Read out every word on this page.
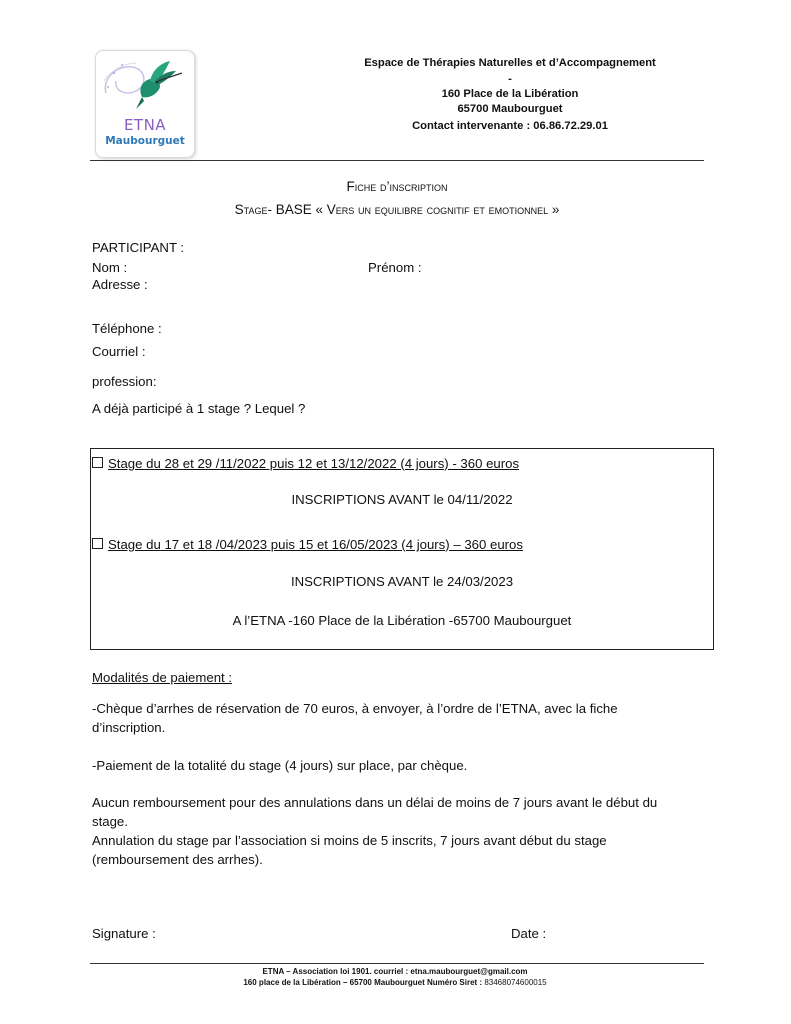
ETNA
Maubourguet
Espace de Thérapies Naturelles et d’Accompagnement
-
160 Place de la Libération
65700 Maubourguet
Contact intervenante : 06.86.72.29.01
Fiche d’inscription
Stage- BASE « Vers un equilibre cognitif et emotionnel »
PARTICIPANT :
Nom :	Prénom :
Adresse :
Téléphone :
Courriel :
profession:
A déjà participé à 1 stage ? Lequel ?
Stage du 28 et 29 /11/2022 puis 12 et 13/12/2022 (4 jours) - 360 euros
INSCRIPTIONS AVANT le 04/11/2022
Stage du 17 et 18 /04/2023 puis 15 et 16/05/2023 (4 jours) – 360 euros
INSCRIPTIONS AVANT le 24/03/2023
A l’ETNA -160 Place de la Libération -65700 Maubourguet
Modalités de paiement :
-Chèque d’arrhes de réservation de 70 euros, à envoyer, à l’ordre de l’ETNA, avec la fiche
d’inscription.
-Paiement de la totalité du stage (4 jours) sur place, par chèque.
Aucun remboursement pour des annulations dans un délai de moins de 7 jours avant le début du
stage.
Annulation du stage par l’association si moins de 5 inscrits, 7 jours avant début du stage
(remboursement des arrhes).
Signature :	Date :
ETNA – Association loi 1901. courriel : etna.maubourguet@gmail.com
160 place de la Libération – 65700 Maubourguet Numéro Siret : 83468074600015
